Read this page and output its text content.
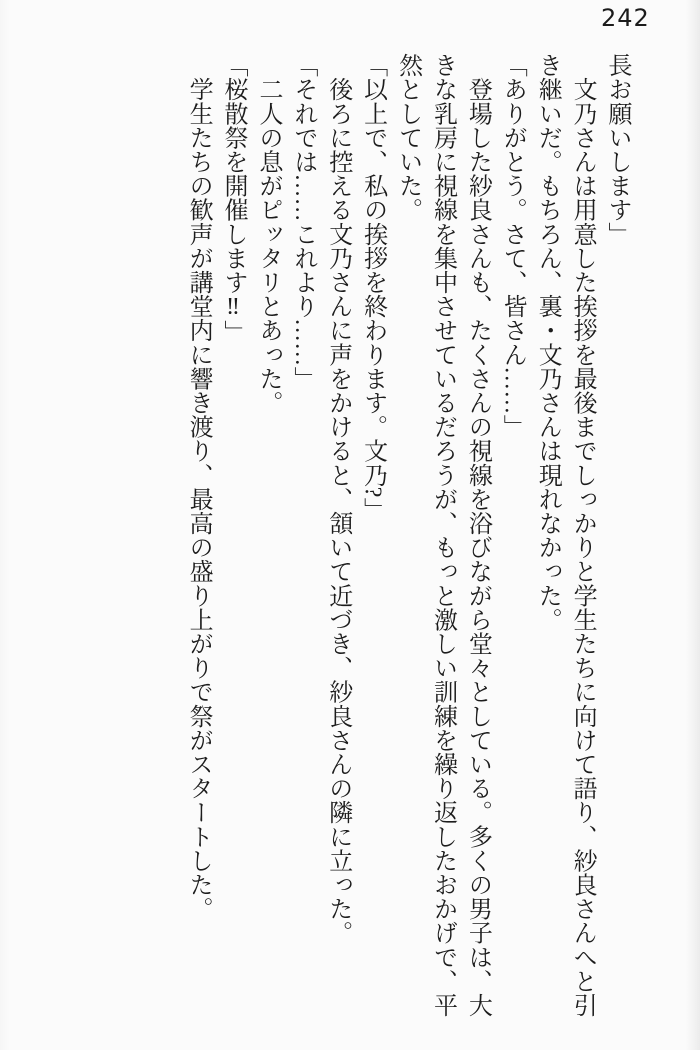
242

長お願いします」

　文乃さんは用意した挨拶を最後までしっかりと学生たちに向けて語り、紗良さんへと引

き継いだ。もちろん、裏・文乃さんは現れなかった。

「ありがとう。さて、皆さん……」

　登場した紗良さんも、たくさんの視線を浴びながら堂々としている。多くの男子は、大

きな乳房に視線を集中させているだろうが、もっと激しい訓練を繰り返したおかげで、平

然としていた。

「以上で、私の挨拶を終わります。文乃?」

　後ろに控える文乃さんに声をかけると、頷いて近づき、紗良さんの隣に立った。

「それでは……これより……」

　二人の息がピッタリとあった。

「桜散祭を開催します‼」

　学生たちの歓声が講堂内に響き渡り、最高の盛り上がりで祭がスタートした。
